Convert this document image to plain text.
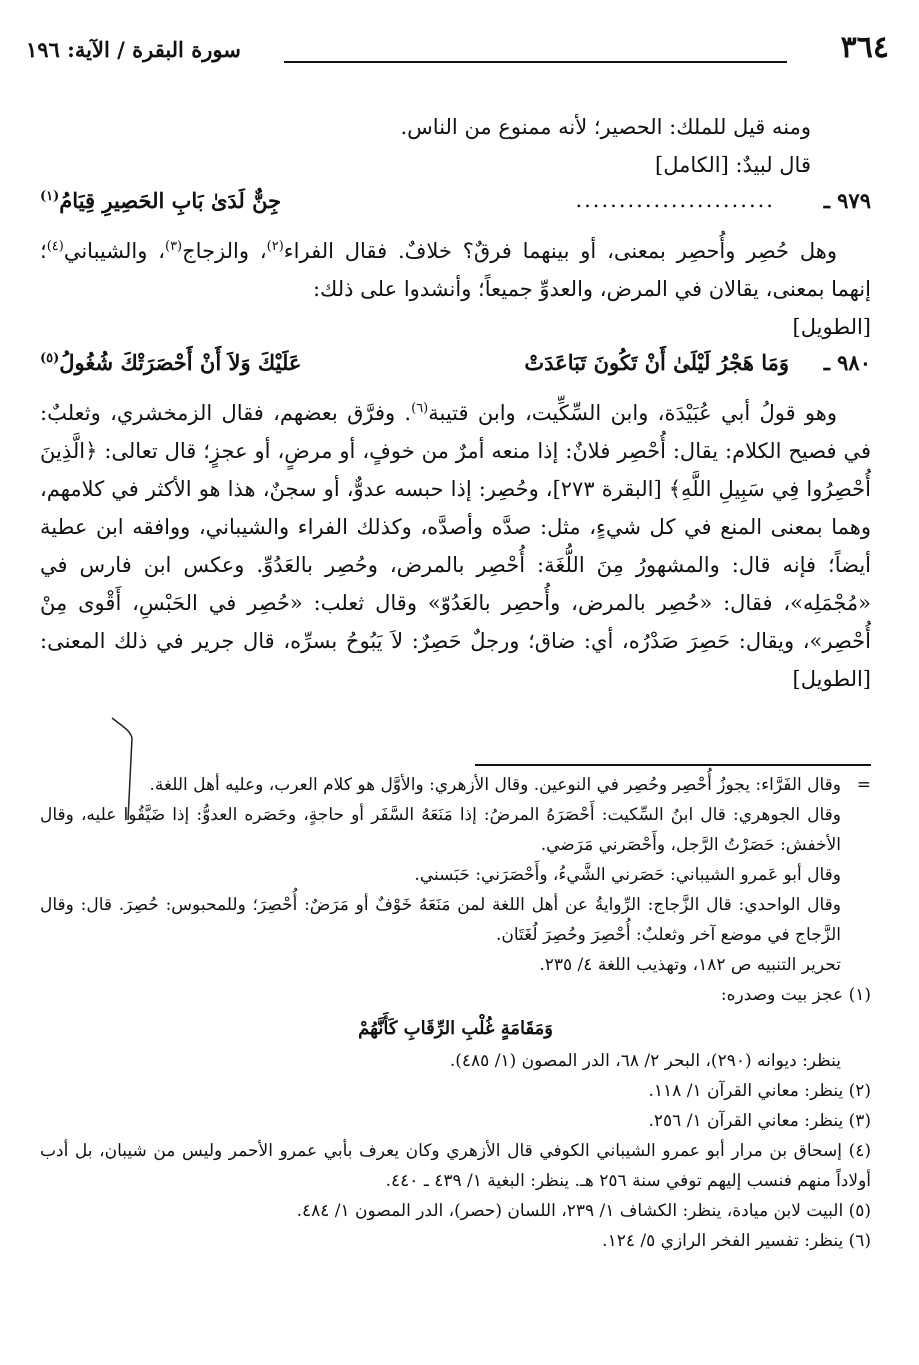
٣٦٤
سورة البقرة / الآية: ١٩٦

ومنه قيل للملك: الحصير؛ لأنه ممنوع من الناس.

قال لبيدٌ: [الكامل]

٩٧٩ ـ
.......................
جِنٌّ لَدَىٰ بَابِ الحَصِيرِ قِيَامُ$^{(١)}$

وهل حُصِر وأُحصِر بمعنى، أو بينهما فرقٌ؟ خلافٌ. فقال الفراء$^{(٢)}$، والزجاج$^{(٣)}$، والشيباني$^{(٤)}$؛ إنهما بمعنى، يقالان في المرض، والعدوِّ جميعاً؛ وأنشدوا على ذلك:
[الطويل]

٩٨٠ ـ
وَمَا هَجْرُ لَيْلَىٰ أَنْ تَكُونَ تَبَاعَدَتْ
عَلَيْكَ وَلاَ أَنْ أَحْصَرَتْكَ شُغُولُ$^{(٥)}$

وهو قولُ أبي عُبَيْدَة، وابن السِّكِّيت، وابن قتيبة$^{(٦)}$. وفرَّق بعضهم، فقال الزمخشري، وثعلبٌ: في فصيح الكلام: يقال: أُحْصِر فلانٌ: إذا منعه أمرٌ من خوفٍ، أو مرضٍ، أو عجزٍ؛ قال تعالى: ﴿الَّذِينَ أُحْصِرُوا فِي سَبِيلِ اللَّهِ﴾ [البقرة ٢٧٣]، وحُصِر: إذا حبسه عدوٌّ، أو سجنٌ، هذا هو الأكثر في كلامهم، وهما بمعنى المنع في كل شيءٍ، مثل: صدَّه وأصدَّه، وكذلك الفراء والشيباني، ووافقه ابن عطية أيضاً؛ فإنه قال: والمشهورُ مِنَ اللُّغَة: أُحْصِر بالمرض، وحُصِر بالعَدُوِّ. وعكس ابن فارس في «مُجْمَلِه»، فقال: «حُصِر بالمرض، وأُحصِر بالعَدُوّ» وقال ثعلب: «حُصِر في الحَبْسِ، أَقْوى مِنْ أُحْصِر»، ويقال: حَصِرَ صَدْرُه، أي: ضاق؛ ورجلٌ حَصِرٌ: لاَ يَبُوحُ بسرِّه، قال جرير في ذلك المعنى: [الطويل]

=وقال الفَرَّاء: يجوزُ أُحْصِر وحُصِر في النوعين. وقال الأزهري: والأوَّل هو كلام العرب، وعليه أهل اللغة.

وقال الجوهري: قال ابنُ السِّكيت: أَحْصَرَهُ المرضُ: إذا مَنَعَهُ السَّفَر أو حاجةٍ، وحَصَره العدوُّ: إذا ضَيَّقُوا عليه، وقال الأخفش: حَصَرْتُ الرَّجل، وأَحْصَرني مَرَضي.

وقال أبو عَمرو الشيباني: حَصَرني الشَّيءُ، وأَحْصَرَني: حَبَسني.

وقال الواحدي: قال الزَّجاج: الرِّوايةُ عن أهل اللغة لمن مَنَعَهُ خَوْفٌ أو مَرَضٌ: أُحْصِرَ؛ وللمحبوس: حُصِرَ. قال: وقال الزَّجاج في موضع آخر وثعلبٌ: أُحْصِرَ وحُصِرَ لُغَتَان.

تحرير التنبيه ص ١٨٢، وتهذيب اللغة ٤/ ٢٣٥.

(١) عجز بيت وصدره:

وَمَقَامَةٍ غُلْبِ الرِّقَابِ كَأَنَّهُمْ

ينظر: ديوانه (٢٩٠)، البحر ٢/ ٦٨، الدر المصون (١/ ٤٨٥).

(٢) ينظر: معاني القرآن ١/ ١١٨.

(٣) ينظر: معاني القرآن ١/ ٢٥٦.

(٤) إسحاق بن مرار أبو عمرو الشيباني الكوفي قال الأزهري وكان يعرف بأبي عمرو الأحمر وليس من شيبان، بل أدب أولاداً منهم فنسب إليهم توفي سنة ٢٥٦ هـ. ينظر: البغية ١/ ٤٣٩ ـ ٤٤٠.

(٥) البيت لابن ميادة، ينظر: الكشاف ١/ ٢٣٩، اللسان (حصر)، الدر المصون ١/ ٤٨٤.

(٦) ينظر: تفسير الفخر الرازي ٥/ ١٢٤.
